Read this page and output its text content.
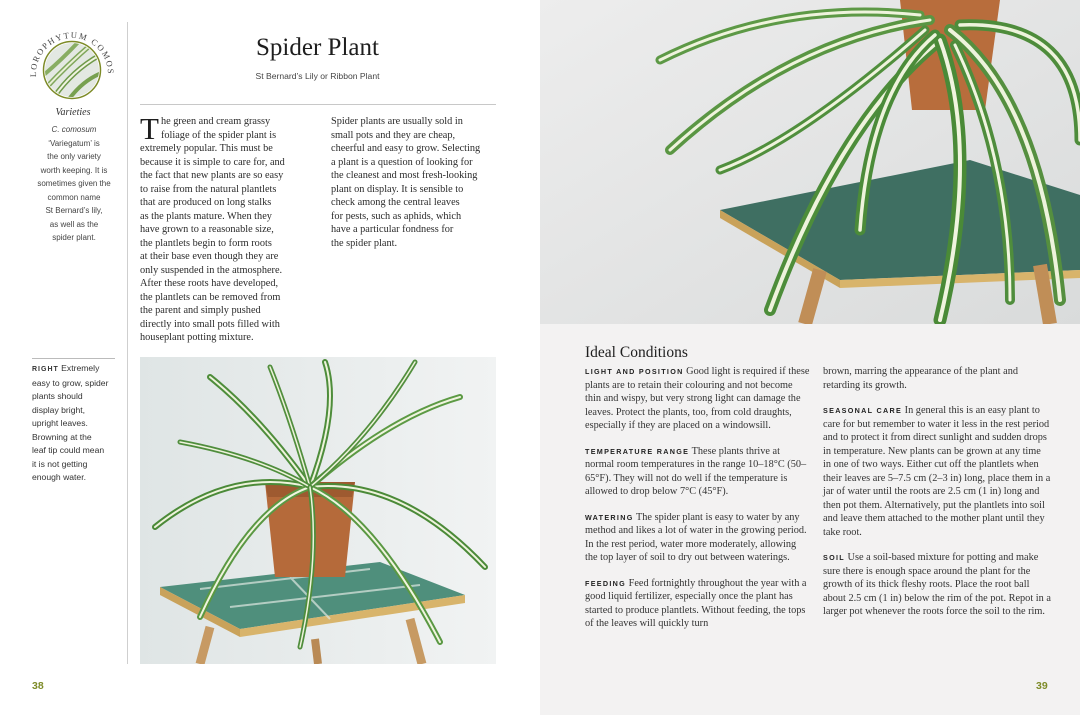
LOROPHYTUM COMOS
Varieties
C. comosum
‘Variegatum’ is
the only variety
worth keeping. It is
sometimes given the
common name
St Bernard’s lily,
as well as the
spider plant.
RIGHT Extremely
easy to grow, spider
plants should
display bright,
upright leaves.
Browning at the
leaf tip could mean
it is not getting
enough water.
Spider Plant
St Bernard’s Lily or Ribbon Plant
T he green and cream grassy
foliage of the spider plant is
extremely popular. This must be
because it is simple to care for, and
the fact that new plants are so easy
to raise from the natural plantlets
that are produced on long stalks
as the plants mature. When they
have grown to a reasonable size,
the plantlets begin to form roots
at their base even though they are
only suspended in the atmosphere.
After these roots have developed,
the plantlets can be removed from
the parent and simply pushed
directly into small pots filled with
houseplant potting mixture.
Spider plants are usually sold in
small pots and they are cheap,
cheerful and easy to grow. Selecting
a plant is a question of looking for
the cleanest and most fresh-looking
plant on display. It is sensible to
check among the central leaves
for pests, such as aphids, which
have a particular fondness for
the spider plant.
Ideal Conditions

LIGHT AND POSITION Good light is required if these plants are to retain their colouring and not become thin and wispy, but very strong light can damage the leaves. Protect the plants, too, from cold draughts, especially if they are placed on a windowsill.

TEMPERATURE RANGE These plants thrive at normal room temperatures in the range 10–18°C (50–65°F). They will not do well if the temperature is allowed to drop below 7°C (45°F).

WATERING The spider plant is easy to water by any method and likes a lot of water in the growing period. In the rest period, water more moderately, allowing the top layer of soil to dry out between waterings.

FEEDING Feed fortnightly throughout the year with a good liquid fertilizer, especially once the plant has started to produce plantlets. Without feeding, the tops of the leaves will quickly turn

brown, marring the appearance of the plant and retarding its growth.

SEASONAL CARE In general this is an easy plant to care for but remember to water it less in the rest period and to protect it from direct sunlight and sudden drops in temperature. New plants can be grown at any time in one of two ways. Either cut off the plantlets when their leaves are 5–7.5 cm (2–3 in) long, place them in a jar of water until the roots are 2.5 cm (1 in) long and then pot them. Alternatively, put the plantlets into soil and leave them attached to the mother plant until they take root.

SOIL Use a soil-based mixture for potting and make sure there is enough space around the plant for the growth of its thick fleshy roots. Place the root ball about 2.5 cm (1 in) below the rim of the pot. Repot in a larger pot whenever the roots force the soil to the rim.

38	39
